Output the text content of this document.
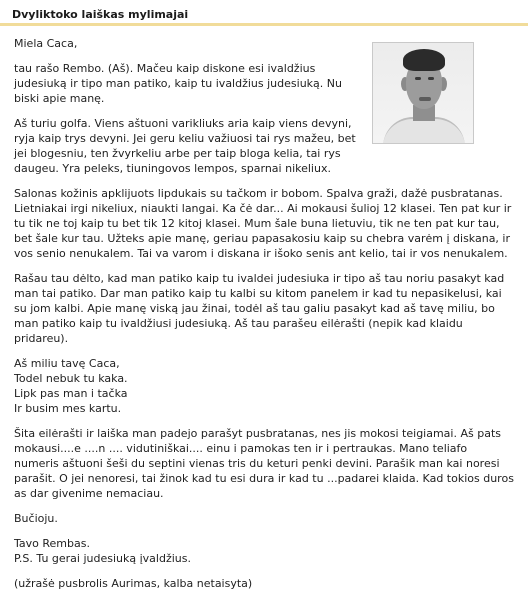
Dvyliktoko laiškas mylimajai

Miela Caca,

tau rašo Rembo. (Aš). Mačeu kaip diskone esi ivaldžius judesiuką ir tipo man patiko, kaip tu ivaldžius judesiuką. Nu biski apie manę.

Aš turiu golfa. Viens aštuoni varikliuks aria kaip viens devyni, ryja kaip trys devyni. Jei geru keliu važiuosi tai rys mažeu, bet jei blogesniu, ten žvyrkeliu arbe per taip bloga kelia, tai rys daugeu. Yra peleks, tiuningovos lempos, sparnai nikeliux.

Salonas kožinis apklijuots lipdukais su tačkom ir bobom. Spalva graži, dažė pusbratanas. Lietniakai irgi nikeliux, niaukti langai. Ka čė dar... Ai mokausi šulioj 12 klasei. Ten pat kur ir tu tik ne toj kaip tu bet tik 12 kitoj klasei. Mum šale buna lietuviu, tik ne ten pat kur tau, bet šale kur tau. Užteks apie manę, geriau papasakosiu kaip su chebra varėm į diskana, ir vos senio nenukalem. Tai va varom i diskana ir išoko senis ant kelio, tai ir vos nenukalem.

Rašau tau dėlto, kad man patiko kaip tu ivaldei judesiuka ir tipo aš tau noriu pasakyt kad man tai patiko. Dar man patiko kaip tu kalbi su kitom panelem ir kad tu nepasikelusi, kai su jom kalbi. Apie manę viską jau žinai, todėl aš tau galiu pasakyt kad aš tavę miliu, bo man patiko kaip tu ivaldžiusi judesiuką. Aš tau parašeu eilėrašti (nepik kad klaidu pridareu).

Aš miliu tavę Caca,

Todel nebuk tu kaka.

Lipk pas man i tačka

Ir busim mes kartu.

Šita eilėrašti ir laiška man padejo parašyt pusbratanas, nes jis mokosi teigiamai. Aš pats mokausi....e ....n .... vidutiniškai.... einu i pamokas ten ir i pertraukas. Mano teliafo numeris aštuoni šeši du septini vienas tris du keturi penki devini. Parašik man kai noresi parašit. O jei nenoresi, tai žinok kad tu esi dura ir kad tu ...padarei klaida. Kad tokios duros as dar givenime nemaciau.

Bučioju.

Tavo Rembas.

P.S. Tu gerai judesiuką įvaldžius.

(užrašė pusbrolis Aurimas, kalba netaisyta)
